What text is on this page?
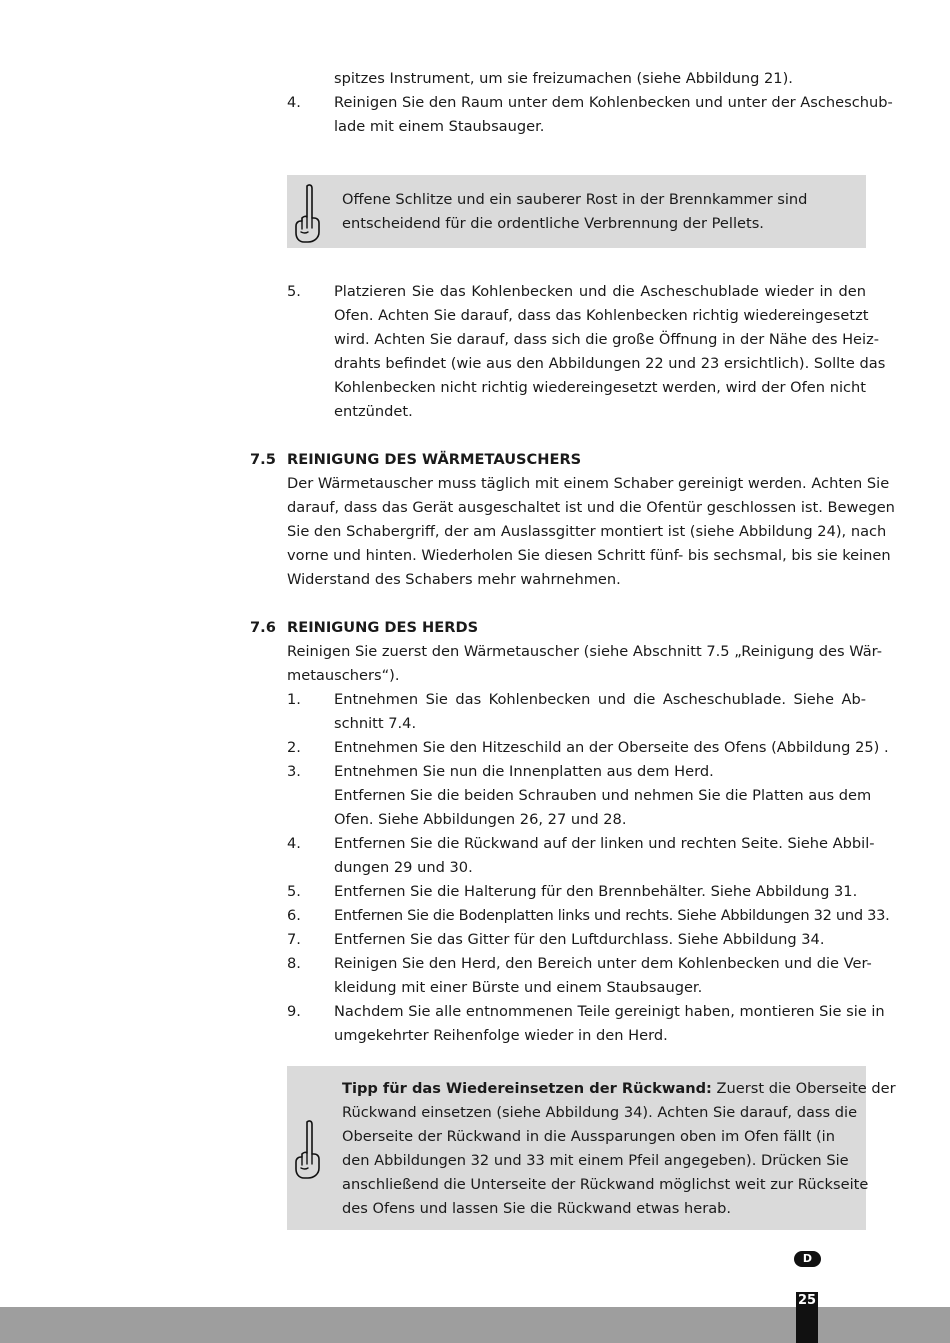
spitzes Instrument, um sie freizumachen (siehe Abbildung 21).
4. Reinigen Sie den Raum unter dem Kohlenbecken und unter der Ascheschub-
lade mit einem Staubsauger.
Offene Schlitze und ein sauberer Rost in der Brennkammer sind
entscheidend für die ordentliche Verbrennung der Pellets.
5. Platzieren Sie das Kohlenbecken und die Ascheschublade wieder in den
Ofen. Achten Sie darauf, dass das Kohlenbecken richtig wiedereingesetzt
wird. Achten Sie darauf, dass sich die große Öffnung in der Nähe des Heiz-
drahts befindet (wie aus den Abbildungen 22 und 23 ersichtlich). Sollte das
Kohlenbecken nicht richtig wiedereingesetzt werden, wird der Ofen nicht
entzündet.
7.5 REINIGUNG DES WÄRMETAUSCHERS
Der Wärmetauscher muss täglich mit einem Schaber gereinigt werden. Achten Sie
darauf, dass das Gerät ausgeschaltet ist und die Ofentür geschlossen ist. Bewegen
Sie den Schabergriff, der am Auslassgitter montiert ist (siehe Abbildung 24), nach
vorne und hinten. Wiederholen Sie diesen Schritt fünf- bis sechsmal, bis sie keinen
Widerstand des Schabers mehr wahrnehmen.
7.6 REINIGUNG DES HERDS
Reinigen Sie zuerst den Wärmetauscher (siehe Abschnitt 7.5 „Reinigung des Wär-
metauschers“).
1. Entnehmen Sie das Kohlenbecken und die Ascheschublade. Siehe Ab-
schnitt 7.4.
2. Entnehmen Sie den Hitzeschild an der Oberseite des Ofens (Abbildung 25) .
3. Entnehmen Sie nun die Innenplatten aus dem Herd.
Entfernen Sie die beiden Schrauben und nehmen Sie die Platten aus dem
Ofen. Siehe Abbildungen 26, 27 und 28.
4. Entfernen Sie die Rückwand auf der linken und rechten Seite. Siehe Abbil-
dungen 29 und 30.
5. Entfernen Sie die Halterung für den Brennbehälter. Siehe Abbildung 31.
6. Entfernen Sie die Bodenplatten links und rechts. Siehe Abbildungen 32 und 33.
7. Entfernen Sie das Gitter für den Luftdurchlass. Siehe Abbildung 34.
8. Reinigen Sie den Herd, den Bereich unter dem Kohlenbecken und die Ver-
kleidung mit einer Bürste und einem Staubsauger.
9. Nachdem Sie alle entnommenen Teile gereinigt haben, montieren Sie sie in
umgekehrter Reihenfolge wieder in den Herd.
Tipp für das Wiedereinsetzen der Rückwand: Zuerst die Oberseite der
Rückwand einsetzen (siehe Abbildung 34). Achten Sie darauf, dass die
Oberseite der Rückwand in die Aussparungen oben im Ofen fällt (in
den Abbildungen 32 und 33 mit einem Pfeil angegeben). Drücken Sie
anschließend die Unterseite der Rückwand möglichst weit zur Rückseite
des Ofens und lassen Sie die Rückwand etwas herab.
D
25
